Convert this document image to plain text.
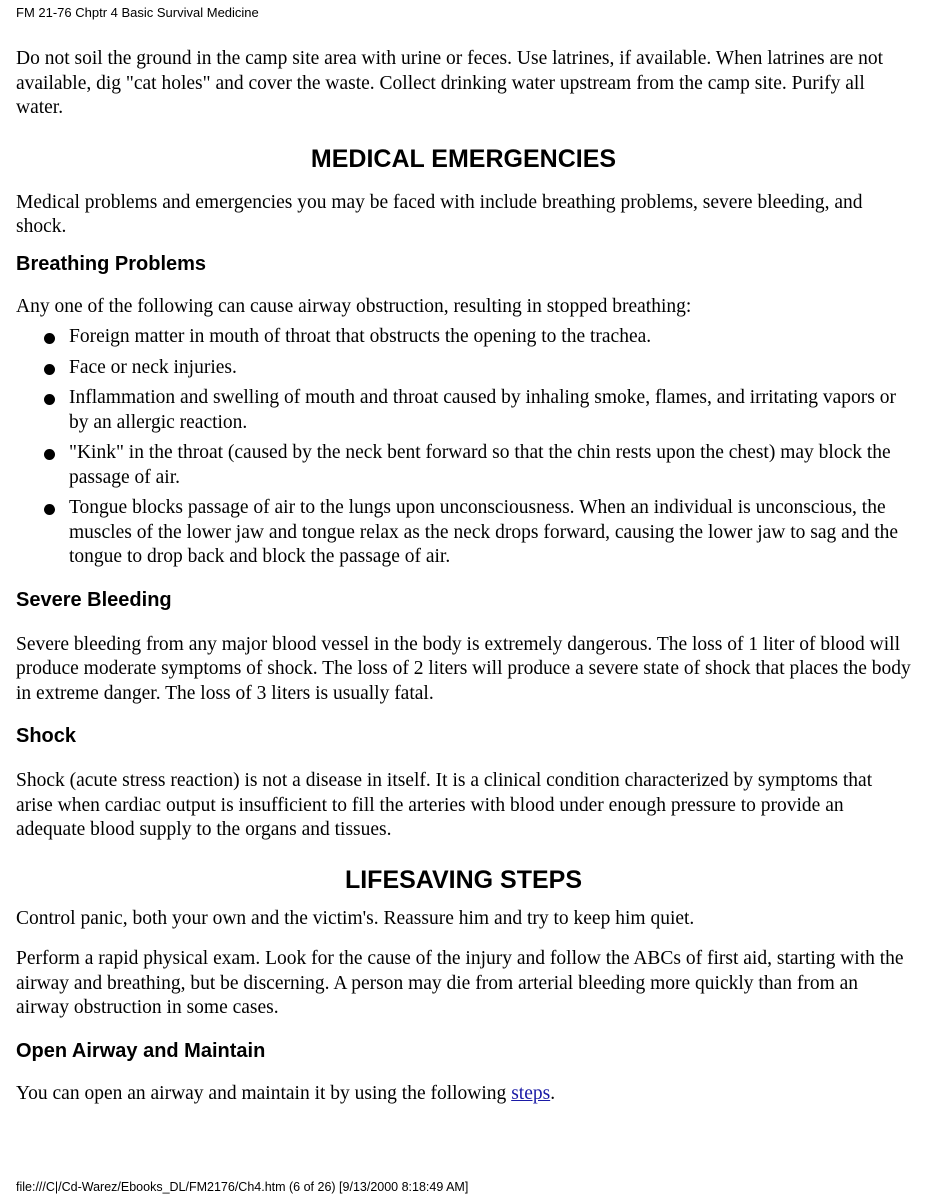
FM 21-76 Chptr 4 Basic Survival Medicine

Do not soil the ground in the camp site area with urine or feces. Use latrines, if available. When latrines are not available, dig "cat holes" and cover the waste. Collect drinking water upstream from the camp site. Purify all water.

MEDICAL EMERGENCIES

Medical problems and emergencies you may be faced with include breathing problems, severe bleeding, and shock.

Breathing Problems

Any one of the following can cause airway obstruction, resulting in stopped breathing:

Foreign matter in mouth of throat that obstructs the opening to the trachea.
Face or neck injuries.
Inflammation and swelling of mouth and throat caused by inhaling smoke, flames, and irritating vapors or by an allergic reaction.
"Kink" in the throat (caused by the neck bent forward so that the chin rests upon the chest) may block the passage of air.
Tongue blocks passage of air to the lungs upon unconsciousness. When an individual is unconscious, the muscles of the lower jaw and tongue relax as the neck drops forward, causing the lower jaw to sag and the tongue to drop back and block the passage of air.
Severe Bleeding

Severe bleeding from any major blood vessel in the body is extremely dangerous. The loss of 1 liter of blood will produce moderate symptoms of shock. The loss of 2 liters will produce a severe state of shock that places the body in extreme danger. The loss of 3 liters is usually fatal.

Shock

Shock (acute stress reaction) is not a disease in itself. It is a clinical condition characterized by symptoms that arise when cardiac output is insufficient to fill the arteries with blood under enough pressure to provide an adequate blood supply to the organs and tissues.

LIFESAVING STEPS

Control panic, both your own and the victim's. Reassure him and try to keep him quiet.

Perform a rapid physical exam. Look for the cause of the injury and follow the ABCs of first aid, starting with the airway and breathing, but be discerning. A person may die from arterial bleeding more quickly than from an airway obstruction in some cases.

Open Airway and Maintain

You can open an airway and maintain it by using the following steps.

file:///C|/Cd-Warez/Ebooks_DL/FM2176/Ch4.htm (6 of 26) [9/13/2000 8:18:49 AM]
